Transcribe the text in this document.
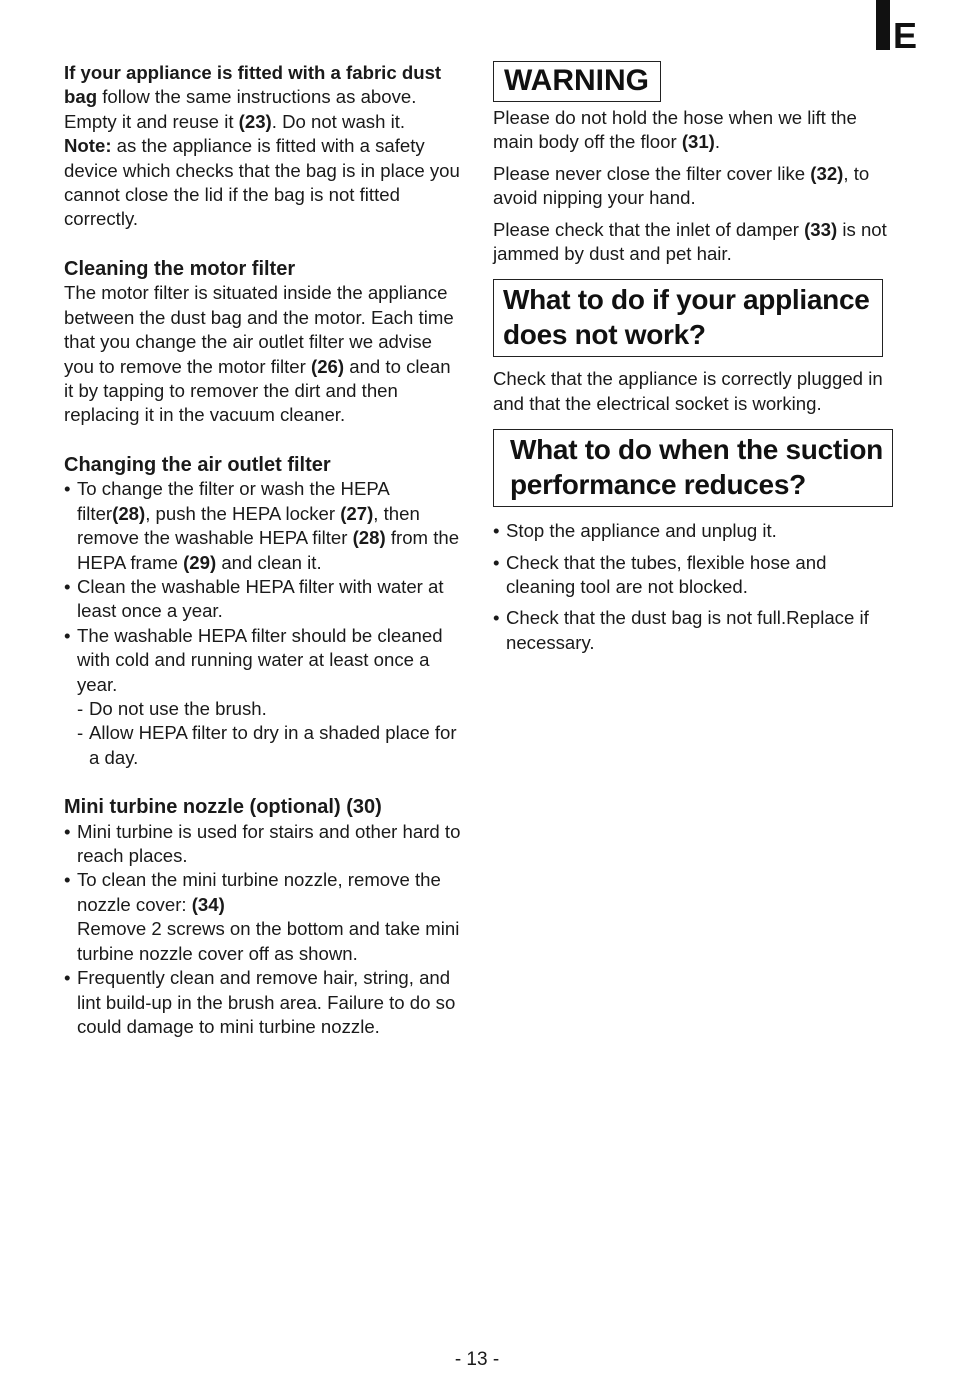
E

If your appliance is fitted with a fabric dust bag follow the same instructions as above. Empty it and reuse it (23). Do not wash it.

Note: as the appliance is fitted with a safety device which checks that the bag is in place you cannot close the lid if the bag is not fitted correctly.

Cleaning the motor filter

The motor filter is situated inside the appliance between the dust bag and the motor. Each time that you change the air outlet filter we advise you to remove the motor filter (26) and to clean it by tapping to remover the dirt and then replacing it in the vacuum cleaner.

Changing the air outlet filter
• To change the filter or wash the HEPA filter(28), push the HEPA locker (27), then remove the washable HEPA filter (28) from the HEPA frame (29) and clean it.
• Clean the washable HEPA filter with water at least once a year.
• The washable HEPA filter should be cleaned with cold and running water at least once a year.
- Do not use the brush.
- Allow HEPA filter to dry in a shaded place for a day.
Mini turbine nozzle (optional) (30)
• Mini turbine is used for stairs and other hard to reach places.
• To clean the mini turbine nozzle, remove the nozzle cover: (34)
Remove 2 screws on the bottom and take mini turbine nozzle cover off as shown.
• Frequently clean and remove hair, string, and lint build-up in the brush area. Failure to do so could damage to mini turbine nozzle.
WARNING

Please do not hold the hose when we lift the main body off the floor (31).

Please never close the filter cover like (32), to avoid nipping your hand.

Please check that the inlet of damper (33) is not jammed by dust and pet hair.

What to do if your appliance does not work?

Check that the appliance is correctly plugged in and that the electrical socket is working.

What to do when the suction performance reduces?
• Stop the appliance and unplug it.
• Check that the tubes, flexible hose and cleaning tool are not blocked.
• Check that the dust bag is not full.Replace if necessary.
- 13 -
